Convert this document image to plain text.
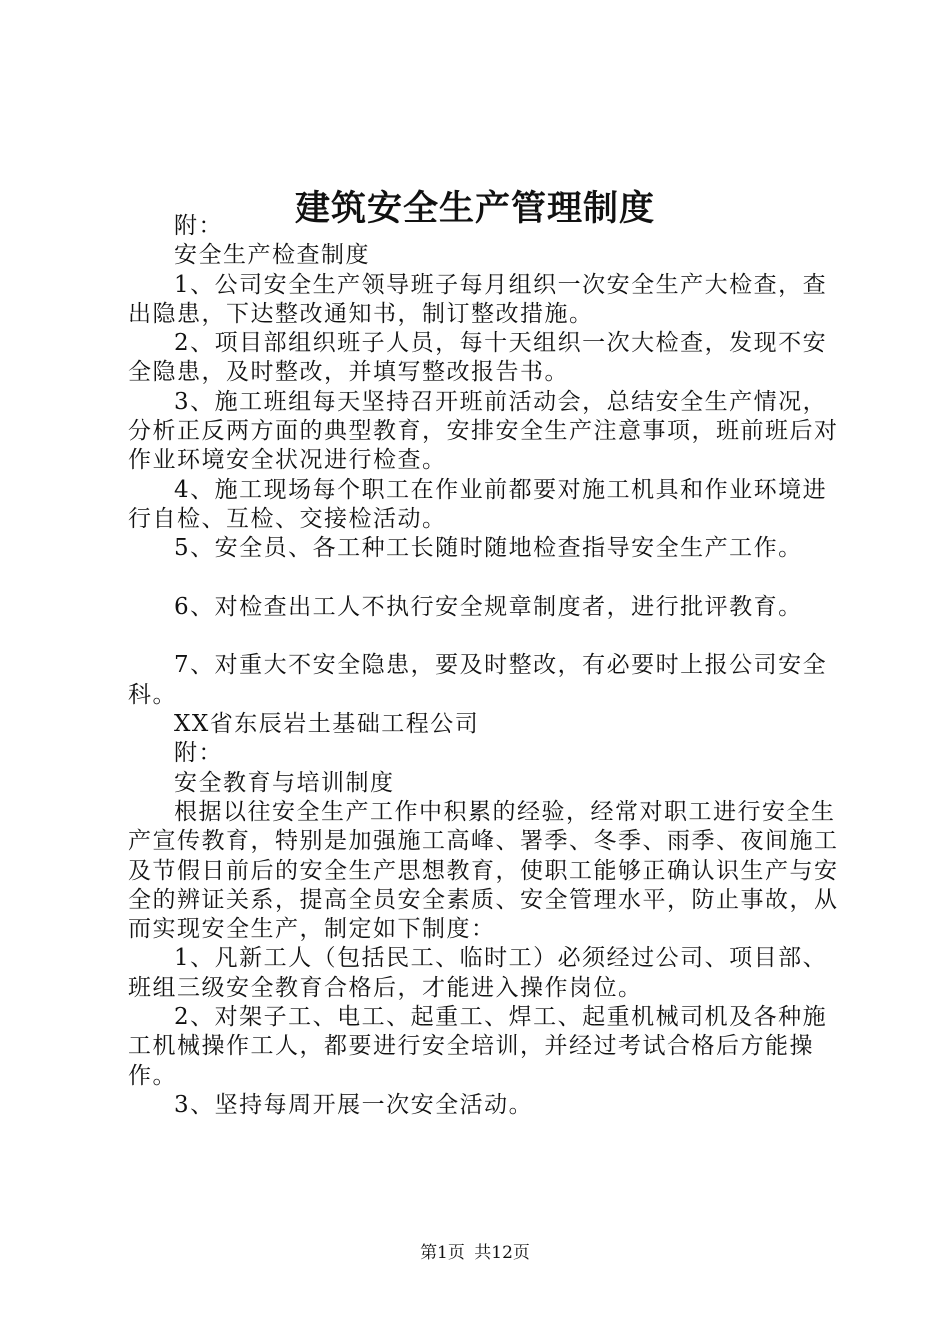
建筑安全生产管理制度

附：

安全生产检查制度

1、公司安全生产领导班子每月组织一次安全生产大检查，查出隐患，下达整改通知书，制订整改措施。

2、项目部组织班子人员，每十天组织一次大检查，发现不安全隐患，及时整改，并填写整改报告书。

3、施工班组每天坚持召开班前活动会，总结安全生产情况，分析正反两方面的典型教育，安排安全生产注意事项，班前班后对作业环境安全状况进行检查。

4、施工现场每个职工在作业前都要对施工机具和作业环境进行自检、互检、交接检活动。

5、安全员、各工种工长随时随地检查指导安全生产工作。

6、对检查出工人不执行安全规章制度者，进行批评教育。

7、对重大不安全隐患，要及时整改，有必要时上报公司安全科。

XX省东辰岩土基础工程公司

附：

安全教育与培训制度

根据以往安全生产工作中积累的经验，经常对职工进行安全生产宣传教育，特别是加强施工高峰、署季、冬季、雨季、夜间施工及节假日前后的安全生产思想教育，使职工能够正确认识生产与安全的辨证关系，提高全员安全素质、安全管理水平，防止事故，从而实现安全生产，制定如下制度：

1、凡新工人（包括民工、临时工）必须经过公司、项目部、班组三级安全教育合格后，才能进入操作岗位。

2、对架子工、电工、起重工、焊工、起重机械司机及各种施工机械操作工人，都要进行安全培训，并经过考试合格后方能操作。

3、坚持每周开展一次安全活动。

第1页 共12页
